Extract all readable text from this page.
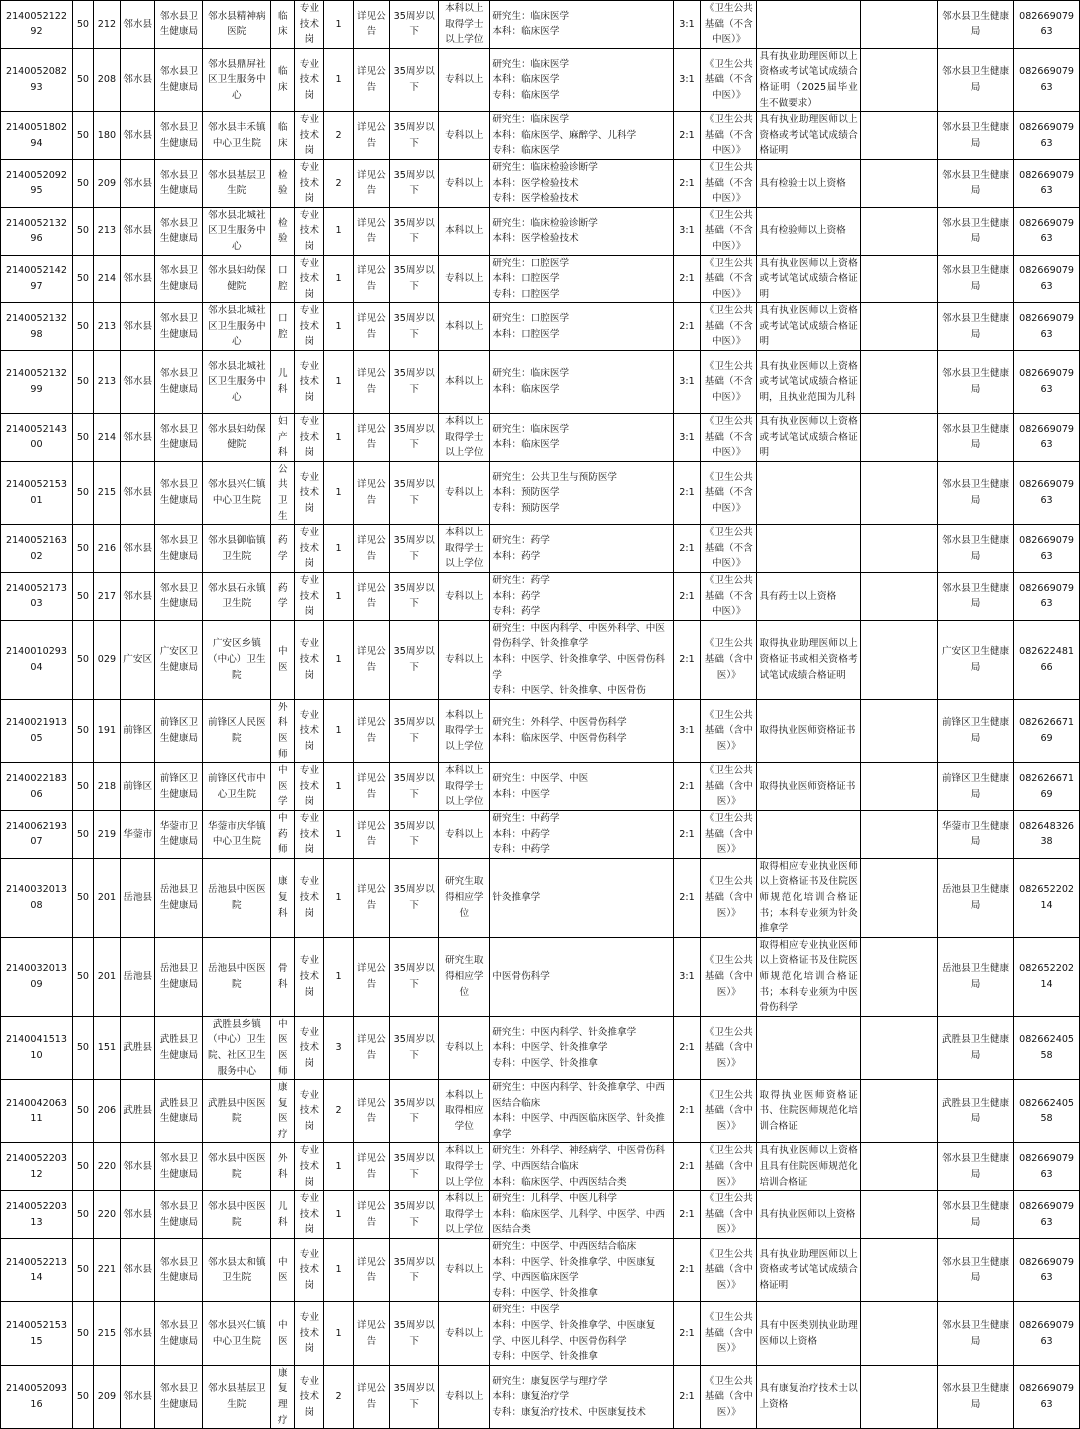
214005212292	50	212	邻水县	邻水县卫生健康局	邻水县精神病医院	临床	专业技术岗	1	详见公告	35周岁以下	本科以上取得学士以上学位	研究生：临床医学
本科：临床医学	3:1	《卫生公共基础（不含中医）》			邻水县卫生健康局	08266907963
214005208293	50	208	邻水县	邻水县卫生健康局	邻水县鼎屏社区卫生服务中心	临床	专业技术岗	1	详见公告	35周岁以下	专科以上	研究生：临床医学
本科：临床医学
专科：临床医学	3:1	《卫生公共基础（不含中医）》	具有执业助理医师以上资格或考试笔试成绩合格证明（2025届毕业生不做要求）		邻水县卫生健康局	08266907963
214005180294	50	180	邻水县	邻水县卫生健康局	邻水县丰禾镇中心卫生院	临床	专业技术岗	2	详见公告	35周岁以下	专科以上	研究生：临床医学
本科：临床医学、麻醉学、儿科学
专科：临床医学	2:1	《卫生公共基础（不含中医）》	具有执业助理医师以上资格或考试笔试成绩合格证明		邻水县卫生健康局	08266907963
214005209295	50	209	邻水县	邻水县卫生健康局	邻水县基层卫生院	检验	专业技术岗	2	详见公告	35周岁以下	专科以上	研究生：临床检验诊断学
本科：医学检验技术
专科：医学检验技术	2:1	《卫生公共基础（不含中医）》	具有检验士以上资格		邻水县卫生健康局	08266907963
214005213296	50	213	邻水县	邻水县卫生健康局	邻水县北城社区卫生服务中心	检验	专业技术岗	1	详见公告	35周岁以下	本科以上	研究生：临床检验诊断学
本科：医学检验技术	3:1	《卫生公共基础（不含中医）》	具有检验师以上资格		邻水县卫生健康局	08266907963
214005214297	50	214	邻水县	邻水县卫生健康局	邻水县妇幼保健院	口腔	专业技术岗	1	详见公告	35周岁以下	专科以上	研究生：口腔医学
本科：口腔医学
专科：口腔医学	2:1	《卫生公共基础（不含中医）》	具有执业医师以上资格或考试笔试成绩合格证明		邻水县卫生健康局	08266907963
214005213298	50	213	邻水县	邻水县卫生健康局	邻水县北城社区卫生服务中心	口腔	专业技术岗	1	详见公告	35周岁以下	本科以上	研究生：口腔医学
本科：口腔医学	2:1	《卫生公共基础（不含中医）》	具有执业医师以上资格或考试笔试成绩合格证明		邻水县卫生健康局	08266907963
214005213299	50	213	邻水县	邻水县卫生健康局	邻水县北城社区卫生服务中心	儿科	专业技术岗	1	详见公告	35周岁以下	本科以上	研究生：临床医学
本科：临床医学	3:1	《卫生公共基础（不含中医）》	具有执业医师以上资格或考试笔试成绩合格证明，且执业范围为儿科		邻水县卫生健康局	08266907963
214005214300	50	214	邻水县	邻水县卫生健康局	邻水县妇幼保健院	妇产科	专业技术岗	1	详见公告	35周岁以下	本科以上取得学士以上学位	研究生：临床医学
本科：临床医学	3:1	《卫生公共基础（不含中医）》	具有执业医师以上资格或考试笔试成绩合格证明		邻水县卫生健康局	08266907963
214005215301	50	215	邻水县	邻水县卫生健康局	邻水县兴仁镇中心卫生院	公共卫生	专业技术岗	1	详见公告	35周岁以下	专科以上	研究生：公共卫生与预防医学
本科：预防医学
专科：预防医学	2:1	《卫生公共基础（不含中医）》			邻水县卫生健康局	08266907963
214005216302	50	216	邻水县	邻水县卫生健康局	邻水县御临镇卫生院	药学	专业技术岗	1	详见公告	35周岁以下	本科以上取得学士以上学位	研究生：药学
本科：药学	2:1	《卫生公共基础（不含中医）》			邻水县卫生健康局	08266907963
214005217303	50	217	邻水县	邻水县卫生健康局	邻水县石永镇卫生院	药学	专业技术岗	1	详见公告	35周岁以下	专科以上	研究生：药学
本科：药学
专科：药学	2:1	《卫生公共基础（不含中医）》	具有药士以上资格		邻水县卫生健康局	08266907963
214001029304	50	029	广安区	广安区卫生健康局	广安区乡镇（中心）卫生院	中医	专业技术岗	1	详见公告	35周岁以下	专科以上	研究生：中医内科学、中医外科学、中医骨伤科学、针灸推拿学
本科：中医学、针灸推拿学、中医骨伤科学
专科：中医学、针灸推拿、中医骨伤	2:1	《卫生公共基础（含中医）》	取得执业助理医师以上资格证书或相关资格考试笔试成绩合格证明		广安区卫生健康局	08262248166
214002191305	50	191	前锋区	前锋区卫生健康局	前锋区人民医院	外科医师	专业技术岗	1	详见公告	35周岁以下	本科以上取得学士以上学位	研究生：外科学、中医骨伤科学
本科：临床医学、中医骨伤科学	3:1	《卫生公共基础（含中医）》	取得执业医师资格证书		前锋区卫生健康局	08262667169
214002218306	50	218	前锋区	前锋区卫生健康局	前锋区代市中心卫生院	中医学	专业技术岗	1	详见公告	35周岁以下	本科以上取得学士以上学位	研究生：中医学、中医
本科：中医学	2:1	《卫生公共基础（含中医）》	取得执业医师资格证书		前锋区卫生健康局	08262667169
214006219307	50	219	华蓥市	华蓥市卫生健康局	华蓥市庆华镇中心卫生院	中药师	专业技术岗	1	详见公告	35周岁以下	专科以上	研究生：中药学
本科：中药学
专科：中药学	2:1	《卫生公共基础（含中医）》			华蓥市卫生健康局	08264832638
214003201308	50	201	岳池县	岳池县卫生健康局	岳池县中医医院	康复科	专业技术岗	1	详见公告	35周岁以下	研究生取得相应学位	针灸推拿学	2:1	《卫生公共基础（含中医）》	取得相应专业执业医师以上资格证书及住院医师规范化培训合格证书；本科专业须为针灸推拿学		岳池县卫生健康局	08265220214
214003201309	50	201	岳池县	岳池县卫生健康局	岳池县中医医院	骨科	专业技术岗	1	详见公告	35周岁以下	研究生取得相应学位	中医骨伤科学	3:1	《卫生公共基础（含中医）》	取得相应专业执业医师以上资格证书及住院医师规范化培训合格证书；本科专业须为中医骨伤科学		岳池县卫生健康局	08265220214
214004151310	50	151	武胜县	武胜县卫生健康局	武胜县乡镇（中心）卫生院、社区卫生服务中心	中医医师	专业技术岗	3	详见公告	35周岁以下	专科以上	研究生：中医内科学、针灸推拿学
本科：中医学、针灸推拿学
专科：中医学、针灸推拿	2:1	《卫生公共基础（含中医）》			武胜县卫生健康局	08266240558
214004206311	50	206	武胜县	武胜县卫生健康局	武胜县中医医院	康复医疗	专业技术岗	2	详见公告	35周岁以下	本科以上取得相应学位	研究生：中医内科学、针灸推拿学、中西医结合临床
本科：中医学、中西医临床医学、针灸推拿学	2:1	《卫生公共基础（含中医）》	取得执业医师资格证书、住院医师规范化培训合格证		武胜县卫生健康局	08266240558
214005220312	50	220	邻水县	邻水县卫生健康局	邻水县中医医院	外科	专业技术岗	1	详见公告	35周岁以下	本科以上取得学士以上学位	研究生：外科学、神经病学、中医骨伤科学、中西医结合临床
本科：临床医学、中西医结合类	2:1	《卫生公共基础（含中医）》	具有执业医师以上资格且具有住院医师规范化培训合格证		邻水县卫生健康局	08266907963
214005220313	50	220	邻水县	邻水县卫生健康局	邻水县中医医院	儿科	专业技术岗	1	详见公告	35周岁以下	本科以上取得学士以上学位	研究生：儿科学、中医儿科学
本科：临床医学、儿科学、中医学、中西医结合类	2:1	《卫生公共基础（含中医）》	具有执业医师以上资格		邻水县卫生健康局	08266907963
214005221314	50	221	邻水县	邻水县卫生健康局	邻水县太和镇卫生院	中医	专业技术岗	1	详见公告	35周岁以下	专科以上	研究生：中医学、中西医结合临床
本科：中医学、针灸推拿学、中医康复学、中西医临床医学
专科：中医学、针灸推拿	2:1	《卫生公共基础（含中医）》	具有执业助理医师以上资格或考试笔试成绩合格证明		邻水县卫生健康局	08266907963
214005215315	50	215	邻水县	邻水县卫生健康局	邻水县兴仁镇中心卫生院	中医	专业技术岗	1	详见公告	35周岁以下	专科以上	研究生：中医学
本科：中医学、针灸推拿学、中医康复学、中医儿科学、中医骨伤科学
专科：中医学、针灸推拿	2:1	《卫生公共基础（含中医）》	具有中医类别执业助理医师以上资格		邻水县卫生健康局	08266907963
214005209316	50	209	邻水县	邻水县卫生健康局	邻水县基层卫生院	康复理疗	专业技术岗	2	详见公告	35周岁以下	专科以上	研究生：康复医学与理疗学
本科：康复治疗学
专科：康复治疗技术、中医康复技术	2:1	《卫生公共基础（含中医）》	具有康复治疗技术士以上资格		邻水县卫生健康局	08266907963
